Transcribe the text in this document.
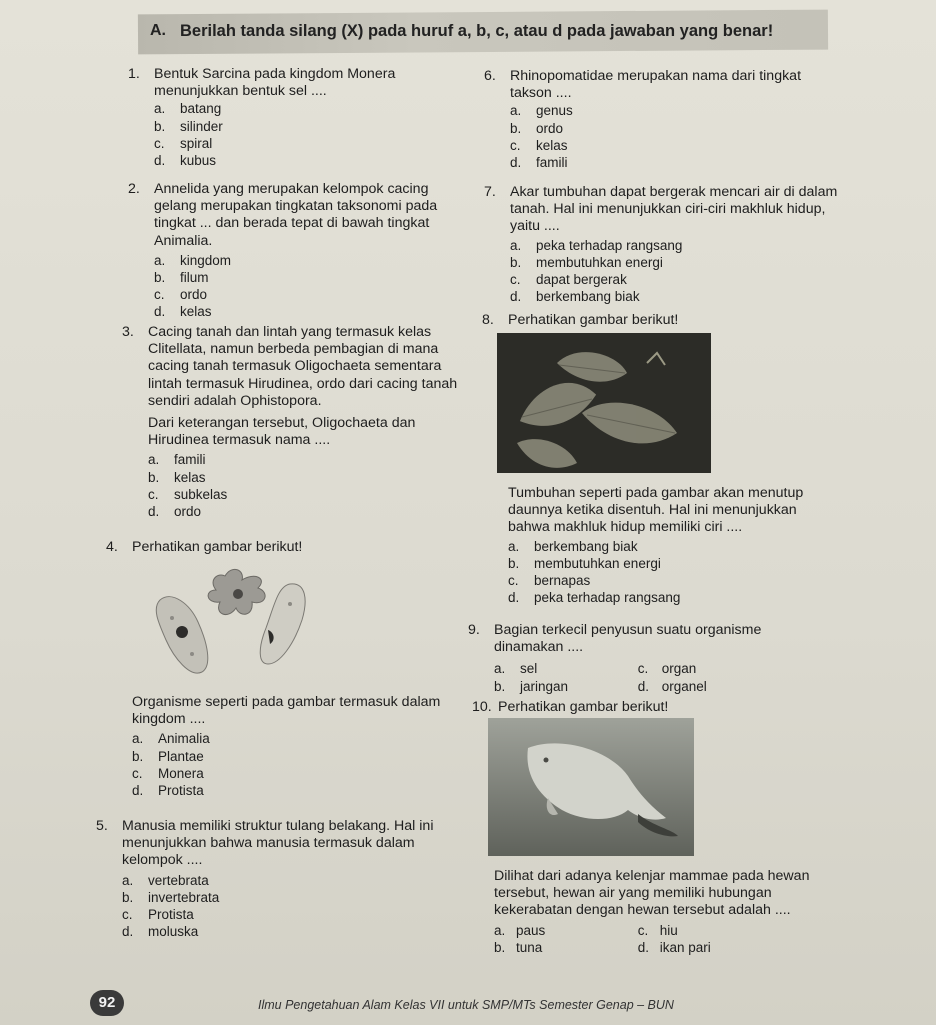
A. Berilah tanda silang (X) pada huruf a, b, c, atau d pada jawaban yang benar!
1. Bentuk Sarcina pada kingdom Monera menunjukkan bentuk sel ....

a. batang
b. silinder
c. spiral
d. kubus
2. Annelida yang merupakan kelompok cacing gelang merupakan tingkatan taksonomi pada tingkat ... dan berada tepat di bawah tingkat Animalia.

a. kingdom
b. filum
c. ordo
d. kelas
3. Cacing tanah dan lintah yang termasuk kelas Clitellata, namun berbeda pembagian di mana cacing tanah termasuk Oligochaeta sementara lintah termasuk Hirudinea, ordo dari cacing tanah sendiri adalah Ophistopora.

Dari keterangan tersebut, Oligochaeta dan Hirudinea termasuk nama ....

a. famili
b. kelas
c. subkelas
d. ordo
4. Perhatikan gambar berikut!

Organisme seperti pada gambar termasuk dalam kingdom ....

a. Animalia
b. Plantae
c. Monera
d. Protista
5. Manusia memiliki struktur tulang belakang. Hal ini menunjukkan bahwa manusia termasuk dalam kelompok ....

a. vertebrata
b. invertebrata
c. Protista
d. moluska
6. Rhinopomatidae merupakan nama dari tingkat takson ....

a. genus
b. ordo
c. kelas
d. famili
7. Akar tumbuhan dapat bergerak mencari air di dalam tanah. Hal ini menunjukkan ciri-ciri makhluk hidup, yaitu ....

a. peka terhadap rangsang
b. membutuhkan energi
c. dapat bergerak
d. berkembang biak
8. Perhatikan gambar berikut!

Tumbuhan seperti pada gambar akan menutup daunnya ketika disentuh. Hal ini menunjukkan bahwa makhluk hidup memiliki ciri ....

a. berkembang biak
b. membutuhkan energi
c. bernapas
d. peka terhadap rangsang
9. Bagian terkecil penyusun suatu organisme dinamakan ....

a. sel	c. organ
b. jaringan	d. organel
10. Perhatikan gambar berikut!

Dilihat dari adanya kelenjar mammae pada hewan tersebut, hewan air yang memiliki hubungan kekerabatan dengan hewan tersebut adalah ....

a. paus	c. hiu
b. tuna	d. ikan pari
92	Ilmu Pengetahuan Alam Kelas VII untuk SMP/MTs Semester Genap – BUN
